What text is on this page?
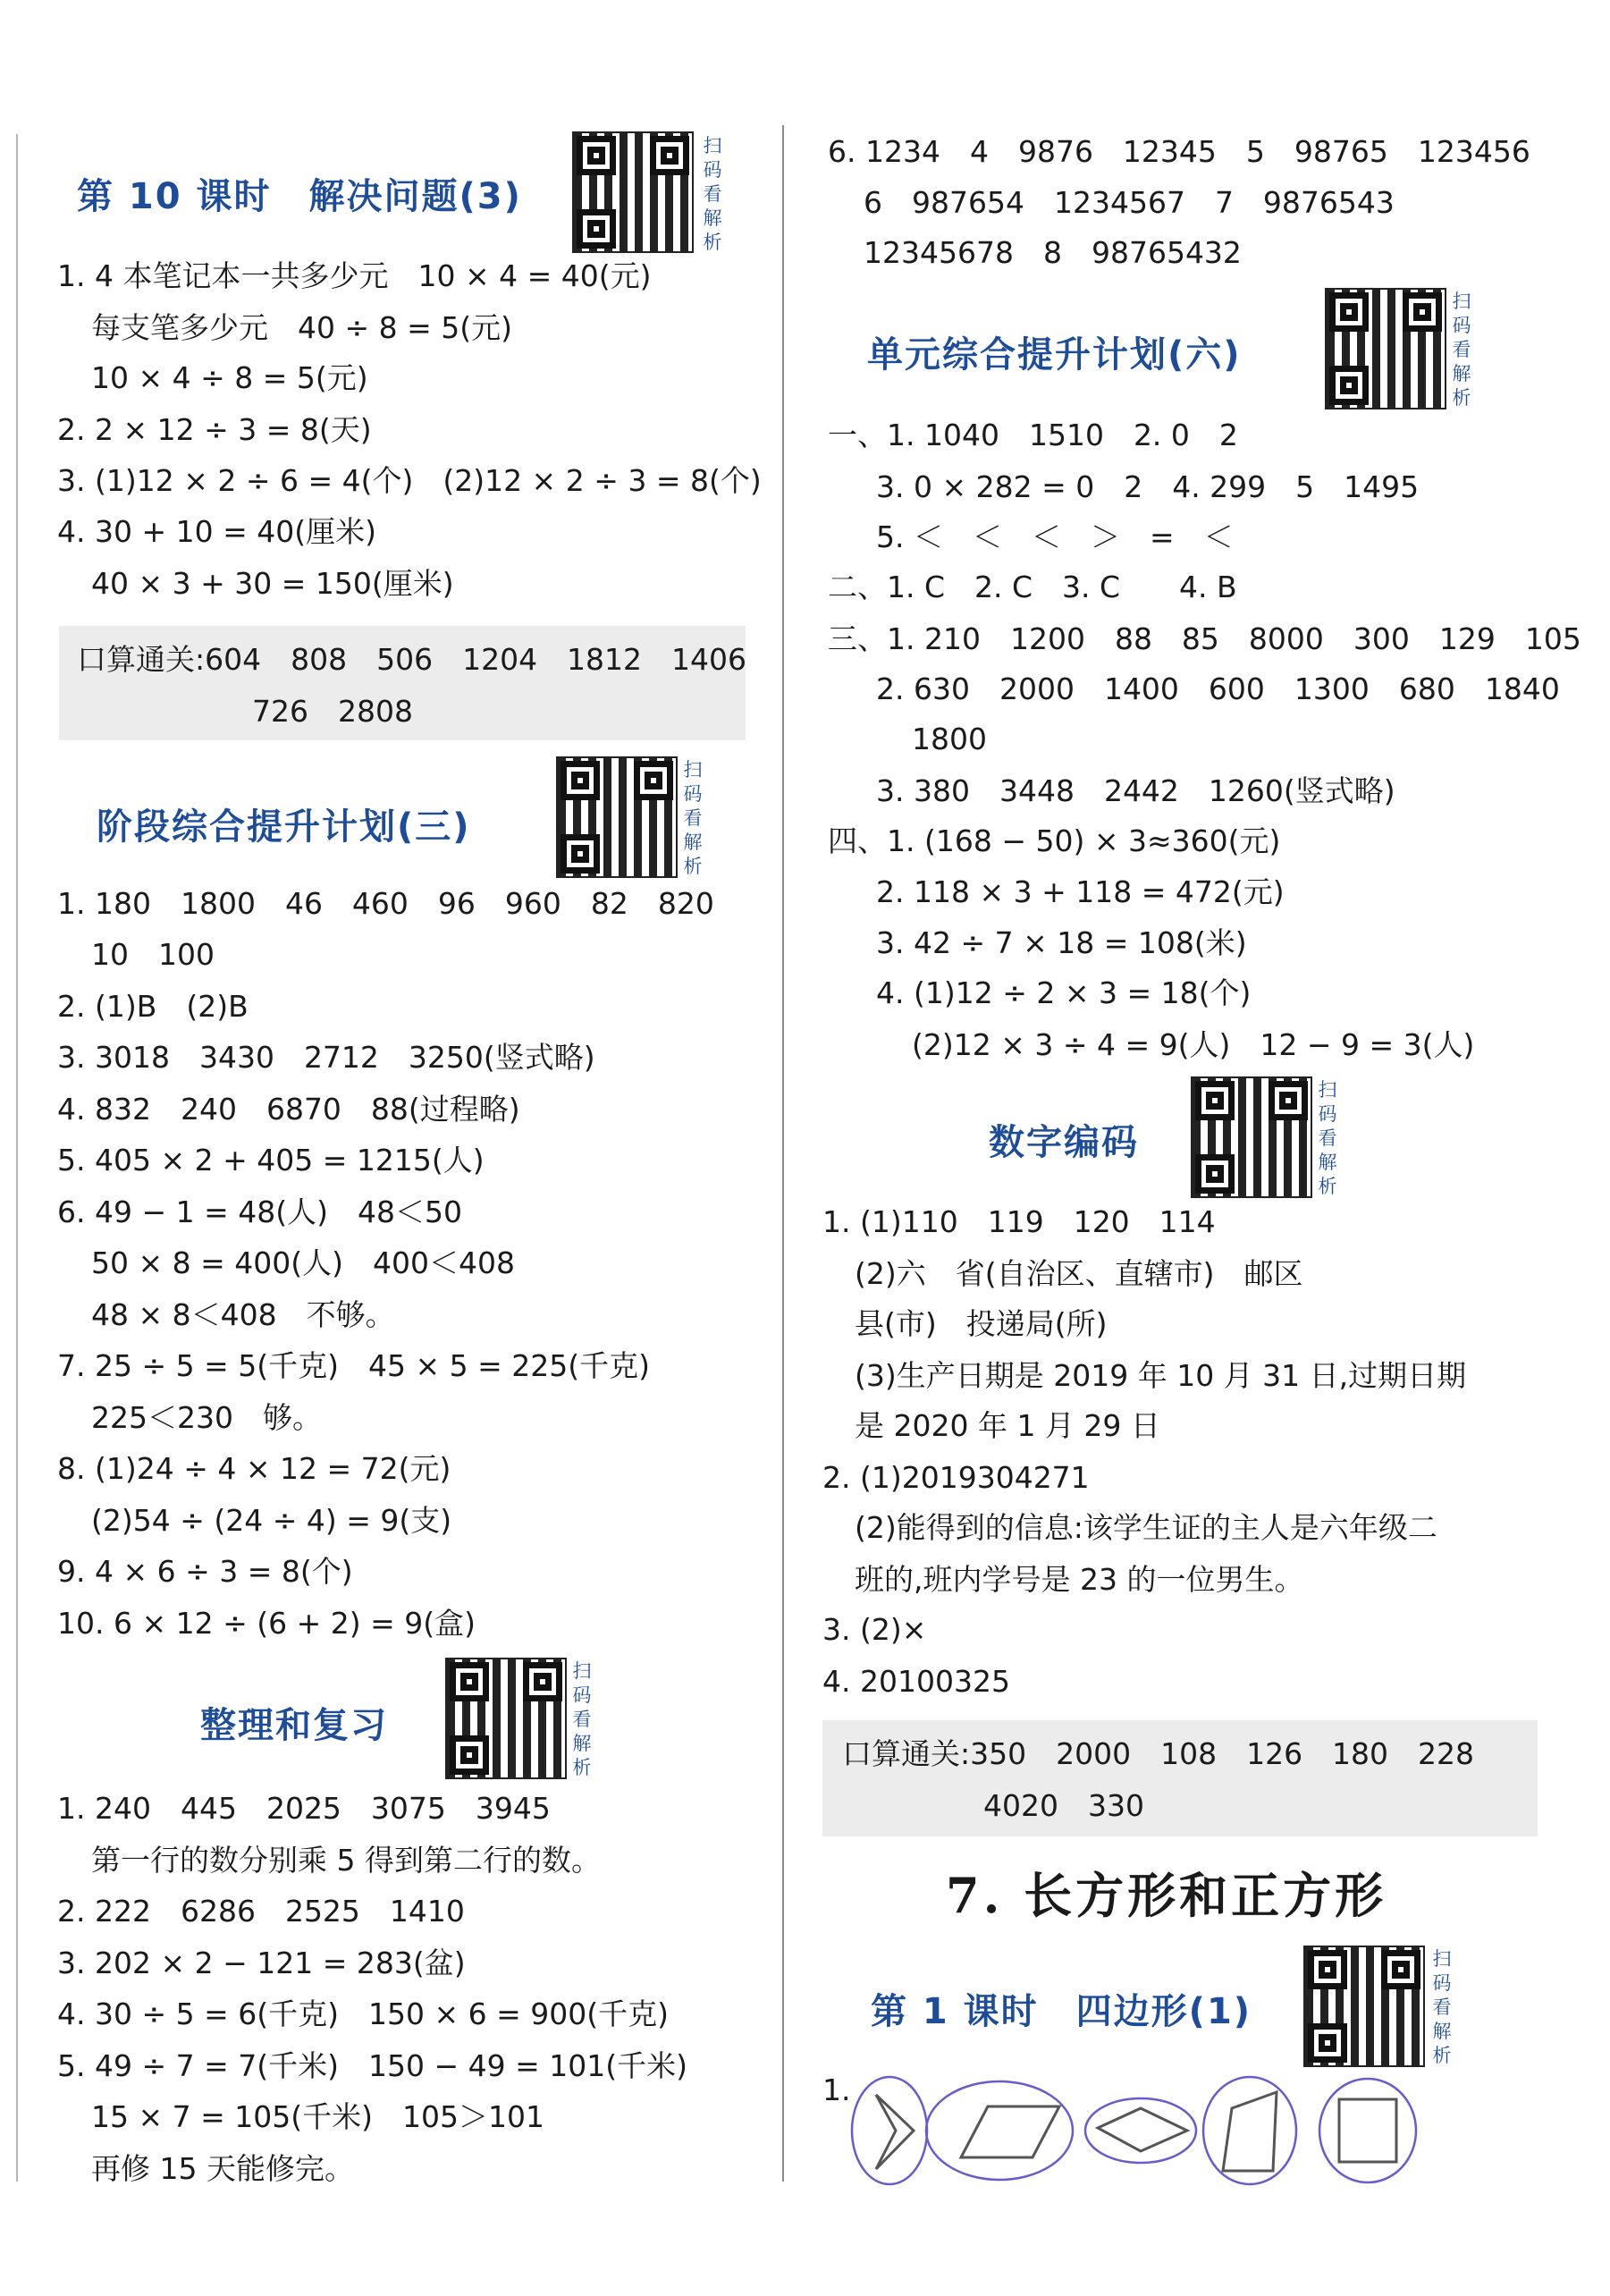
第 10 课时　解决问题(3)
扫码看解析
1. 4 本笔记本一共多少元　10 × 4 = 40(元)
每支笔多少元　40 ÷ 8 = 5(元)
10 × 4 ÷ 8 = 5(元)
2. 2 × 12 ÷ 3 = 8(天)
3. (1)12 × 2 ÷ 6 = 4(个)　(2)12 × 2 ÷ 3 = 8(个)
4. 30 + 10 = 40(厘米)
40 × 3 + 30 = 150(厘米)
口算通关:604　808　506　1204　1812　1406
726　2808
阶段综合提升计划(三)
扫码看解析
1. 180　1800　46　460　96　960　82　820
10　100
2. (1)B　(2)B
3. 3018　3430　2712　3250(竖式略)
4. 832　240　6870　88(过程略)
5. 405 × 2 + 405 = 1215(人)
6. 49 − 1 = 48(人)　48＜50
50 × 8 = 400(人)　400＜408
48 × 8＜408　不够。
7. 25 ÷ 5 = 5(千克)　45 × 5 = 225(千克)
225＜230　够。
8. (1)24 ÷ 4 × 12 = 72(元)
(2)54 ÷ (24 ÷ 4) = 9(支)
9. 4 × 6 ÷ 3 = 8(个)
10. 6 × 12 ÷ (6 + 2) = 9(盒)
整理和复习
扫码看解析
1. 240　445　2025　3075　3945
第一行的数分别乘 5 得到第二行的数。
2. 222　6286　2525　1410
3. 202 × 2 − 121 = 283(盆)
4. 30 ÷ 5 = 6(千克)　150 × 6 = 900(千克)
5. 49 ÷ 7 = 7(千米)　150 − 49 = 101(千米)
15 × 7 = 105(千米)　105＞101
再修 15 天能修完。
6. 1234　4　9876　12345　5　98765　123456
6　987654　1234567　7　9876543
12345678　8　98765432
单元综合提升计划(六)
扫码看解析
一、1. 1040　1510　2. 0　2
3. 0 × 282 = 0　2　4. 299　5　1495
5. ＜　＜　＜　＞　=　＜
二、1. C　2. C　3. C　　4. B
三、1. 210　1200　88　85　8000　300　129　105
2. 630　2000　1400　600　1300　680　1840
1800
3. 380　3448　2442　1260(竖式略)
四、1. (168 − 50) × 3≈360(元)
2. 118 × 3 + 118 = 472(元)
3. 42 ÷ 7 × 18 = 108(米)
4. (1)12 ÷ 2 × 3 = 18(个)
(2)12 × 3 ÷ 4 = 9(人)　12 − 9 = 3(人)
数字编码
扫码看解析
1. (1)110　119　120　114
(2)六　省(自治区、直辖市)　邮区
县(市)　投递局(所)
(3)生产日期是 2019 年 10 月 31 日,过期日期
是 2020 年 1 月 29 日
2. (1)2019304271
(2)能得到的信息:该学生证的主人是六年级二
班的,班内学号是 23 的一位男生。
3. (2)×
4. 20100325
口算通关:350　2000　108　126　180　228
4020　330
7. 长方形和正方形
第 1 课时　四边形(1)
扫码看解析
1.
